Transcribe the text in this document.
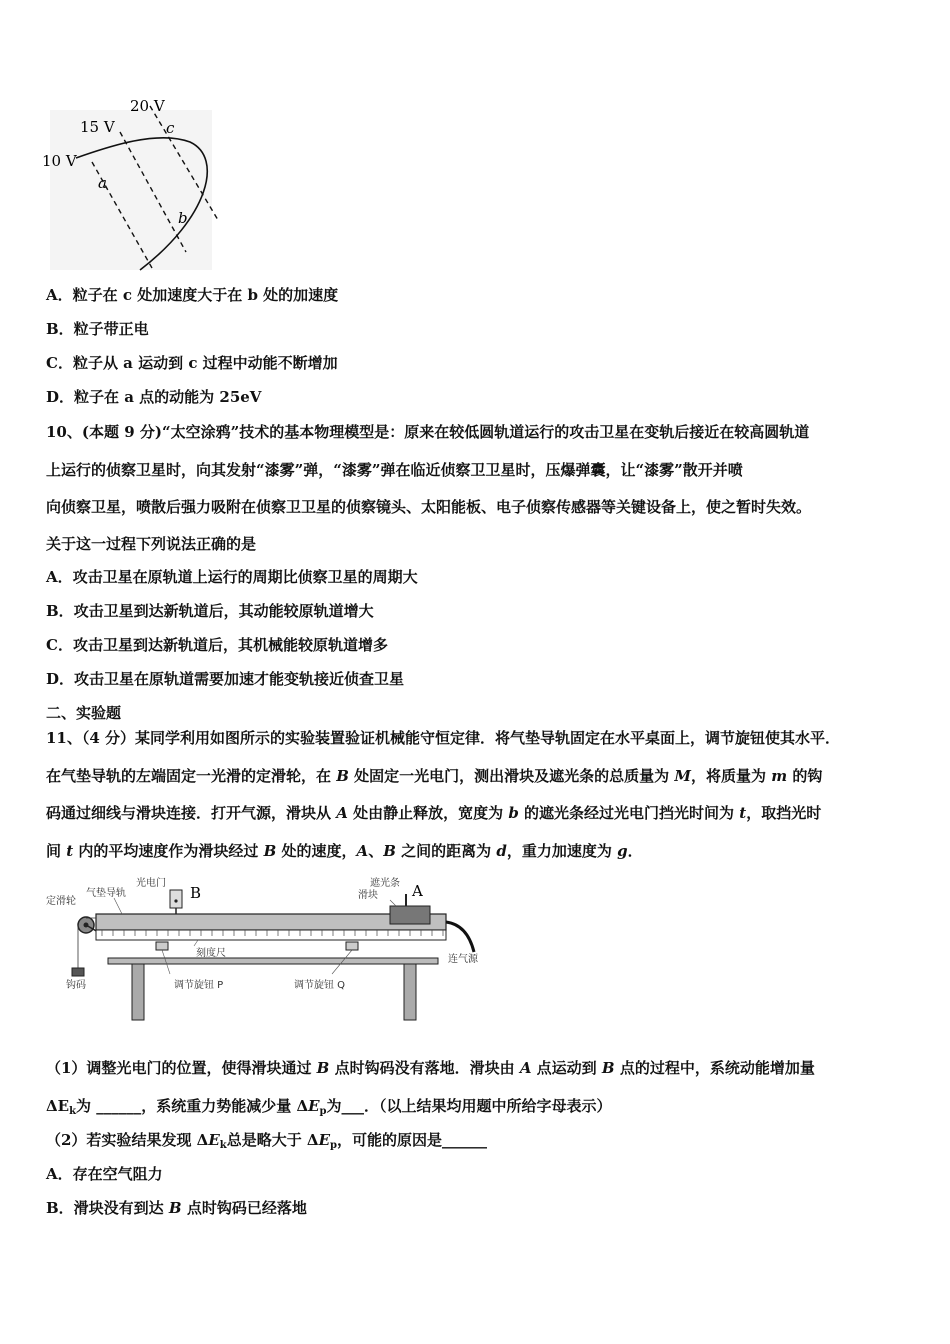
10 V
15 V
20 V
a
c
b
A．粒子在 c 处加速度大于在 b 处的加速度
B．粒子带正电
C．粒子从 a 运动到 c 过程中动能不断增加
D．粒子在 a 点的动能为 25eV
10、(本题 9 分)“太空涂鸦”技术的基本物理模型是：原来在较低圆轨道运行的攻击卫星在变轨后接近在较高圆轨道
上运行的侦察卫星时，向其发射“漆雾”弹，“漆雾”弹在临近侦察卫卫星时，压爆弹囊，让“漆雾”散开并喷
向侦察卫星，喷散后强力吸附在侦察卫卫星的侦察镜头、太阳能板、电子侦察传感器等关键设备上，使之暂时失效。
关于这一过程下列说法正确的是
A．攻击卫星在原轨道上运行的周期比侦察卫星的周期大
B．攻击卫星到达新轨道后，其动能较原轨道增大
C．攻击卫星到达新轨道后，其机械能较原轨道增多
D．攻击卫星在原轨道需要加速才能变轨接近侦查卫星
二、实验题
11、（4 分）某同学利用如图所示的实验装置验证机械能守恒定律．将气垫导轨固定在水平桌面上，调节旋钮使其水平．
在气垫导轨的左端固定一光滑的定滑轮，在 B 处固定一光电门，测出滑块及遮光条的总质量为 M，将质量为 m 的钩
码通过细线与滑块连接．打开气源，滑块从 A 处由静止释放，宽度为 b 的遮光条经过光电门挡光时间为 t，取挡光时
间 t 内的平均速度作为滑块经过 B 处的速度，A、B 之间的距离为 d，重力加速度为 g．
定滑轮
气垫导轨
光电门
B
遮光条
滑块 A
刻度尺
连气源
钩码	调节旋钮 P	调节旋钮 Q
（1）调整光电门的位置，使得滑块通过 B 点时钩码没有落地．滑块由 A 点运动到 B 点的过程中，系统动能增加量
$\Delta E_k$为 ______，系统重力势能减少量 $\Delta E_p$为___．（以上结果均用题中所给字母表示）
（2）若实验结果发现 $\Delta E_k$总是略大于 $\Delta E_p$，可能的原因是______
A．存在空气阻力
B．滑块没有到达 B 点时钩码已经落地
